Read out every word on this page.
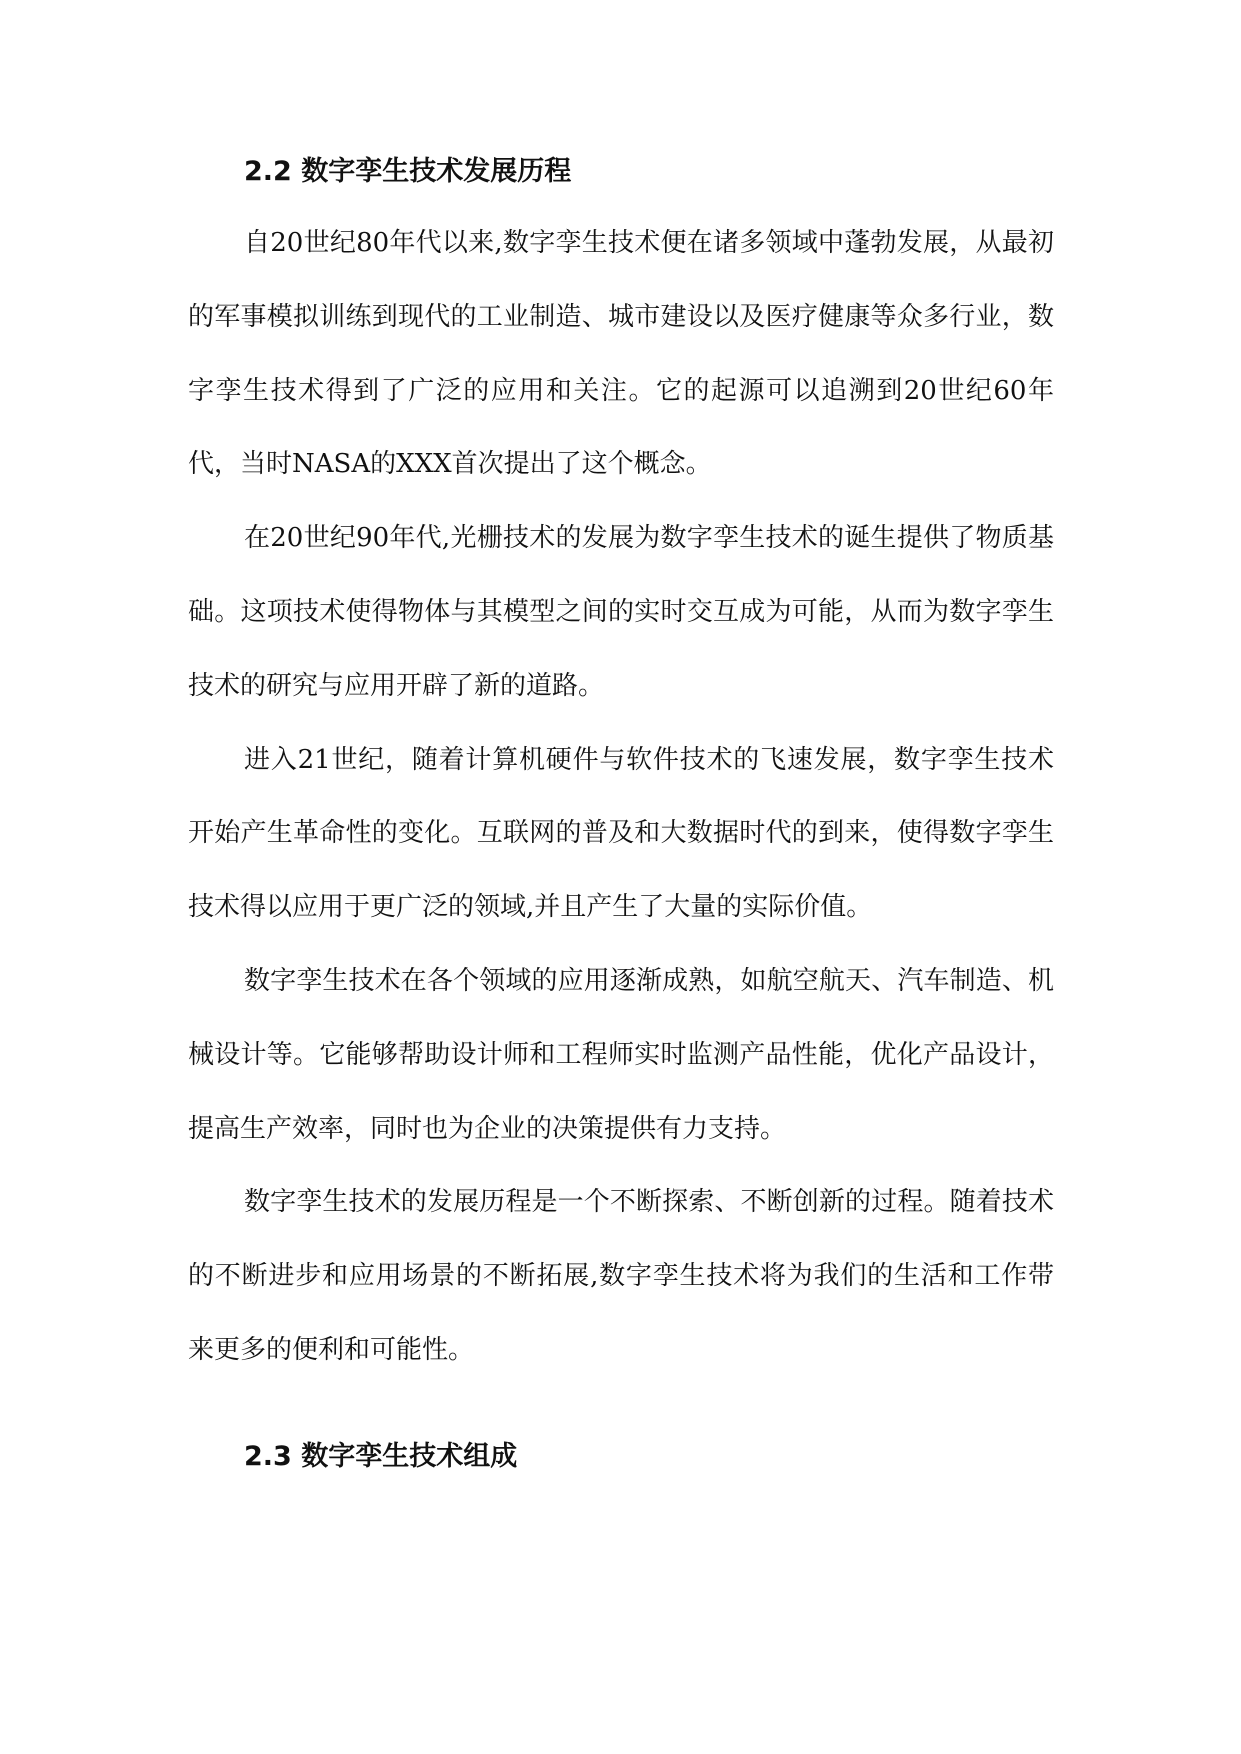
2.2 数字孪生技术发展历程

自20世纪80年代以来,数字孪生技术便在诸多领域中蓬勃发展，从最初的军事模拟训练到现代的工业制造、城市建设以及医疗健康等众多行业，数字孪生技术得到了广泛的应用和关注。它的起源可以追溯到20世纪60年代，当时NASA的XXX首次提出了这个概念。

在20世纪90年代,光栅技术的发展为数字孪生技术的诞生提供了物质基础。这项技术使得物体与其模型之间的实时交互成为可能，从而为数字孪生技术的研究与应用开辟了新的道路。

进入21世纪，随着计算机硬件与软件技术的飞速发展，数字孪生技术开始产生革命性的变化。互联网的普及和大数据时代的到来，使得数字孪生技术得以应用于更广泛的领域,并且产生了大量的实际价值。

数字孪生技术在各个领域的应用逐渐成熟，如航空航天、汽车制造、机械设计等。它能够帮助设计师和工程师实时监测产品性能，优化产品设计，提高生产效率，同时也为企业的决策提供有力支持。

数字孪生技术的发展历程是一个不断探索、不断创新的过程。随着技术的不断进步和应用场景的不断拓展,数字孪生技术将为我们的生活和工作带来更多的便利和可能性。

2.3 数字孪生技术组成
